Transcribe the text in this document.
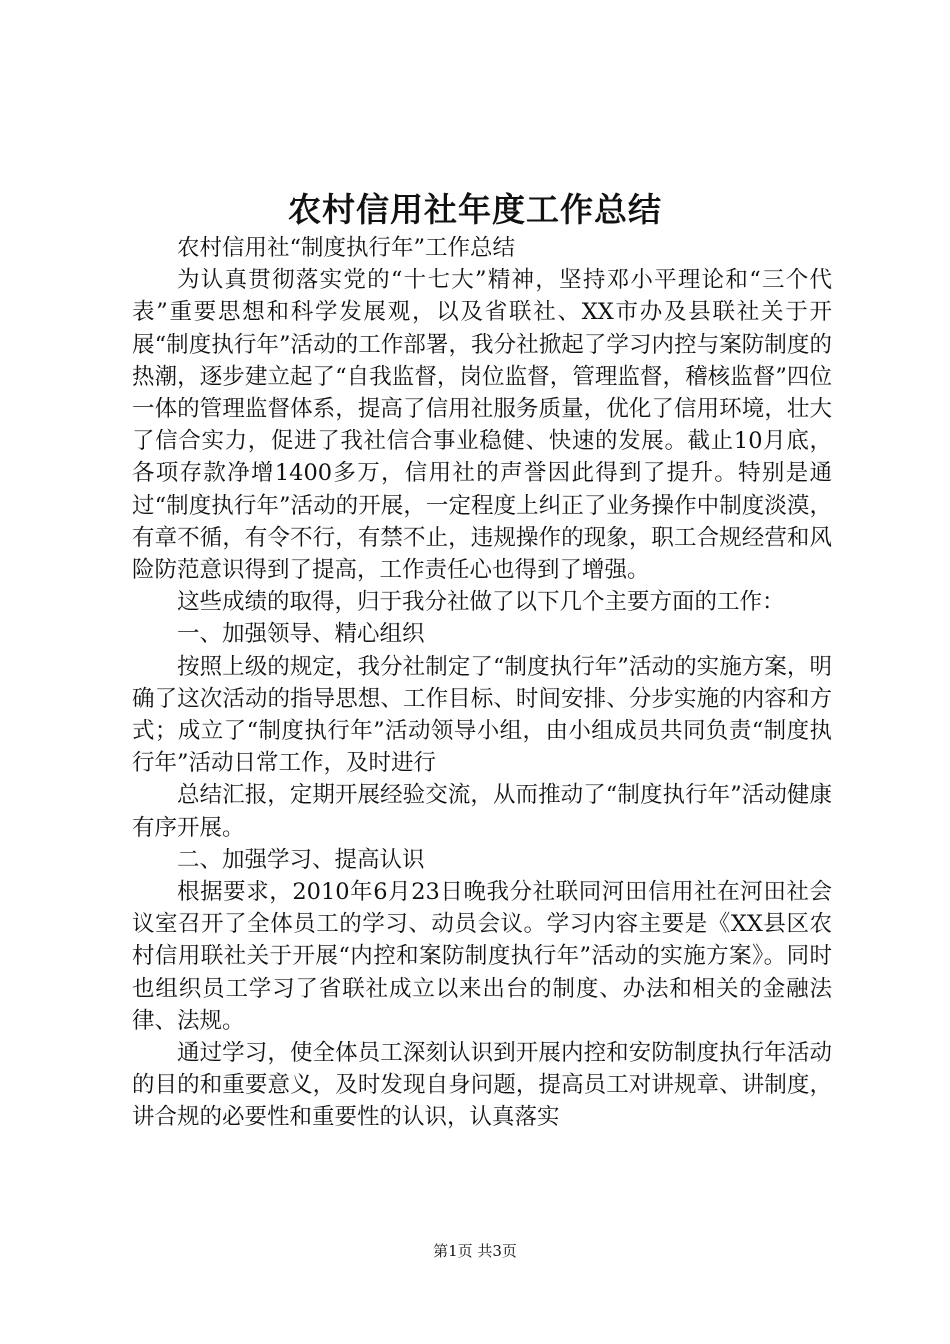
农村信用社年度工作总结

农村信用社“制度执行年”工作总结

为认真贯彻落实党的“十七大”精神，坚持邓小平理论和“三个代表”重要思想和科学发展观，以及省联社、XX市办及县联社关于开展“制度执行年”活动的工作部署，我分社掀起了学习内控与案防制度的热潮，逐步建立起了“自我监督，岗位监督，管理监督，稽核监督”四位一体的管理监督体系，提高了信用社服务质量，优化了信用环境，壮大了信合实力，促进了我社信合事业稳健、快速的发展。截止10月底，各项存款净增1400多万，信用社的声誉因此得到了提升。特别是通过“制度执行年”活动的开展，一定程度上纠正了业务操作中制度淡漠，有章不循，有令不行，有禁不止，违规操作的现象，职工合规经营和风险防范意识得到了提高，工作责任心也得到了增强。

这些成绩的取得，归于我分社做了以下几个主要方面的工作：

一、加强领导、精心组织

按照上级的规定，我分社制定了“制度执行年”活动的实施方案，明确了这次活动的指导思想、工作目标、时间安排、分步实施的内容和方式；成立了“制度执行年”活动领导小组，由小组成员共同负责“制度执行年”活动日常工作，及时进行

总结汇报，定期开展经验交流，从而推动了“制度执行年”活动健康有序开展。

二、加强学习、提高认识

根据要求，2010年6月23日晚我分社联同河田信用社在河田社会议室召开了全体员工的学习、动员会议。学习内容主要是《XX县区农村信用联社关于开展“内控和案防制度执行年”活动的实施方案》。同时也组织员工学习了省联社成立以来出台的制度、办法和相关的金融法律、法规。

通过学习，使全体员工深刻认识到开展内控和安防制度执行年活动的目的和重要意义，及时发现自身问题，提高员工对讲规章、讲制度，讲合规的必要性和重要性的认识，认真落实

第1页 共3页
